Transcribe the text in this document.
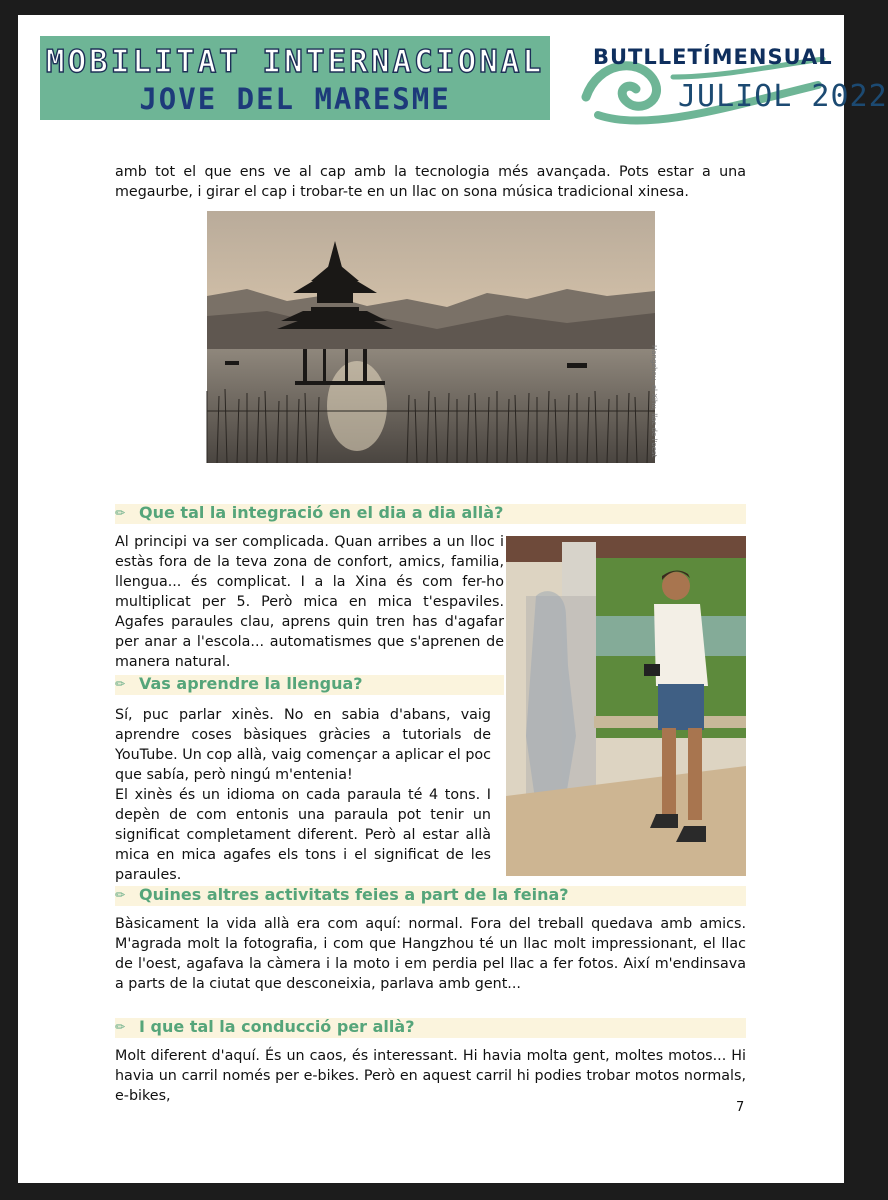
MOBILITAT INTERNACIONAL
JOVE DEL MARESME
BUTLLETÍMENSUAL
JULIOL 2022

amb tot el que ens ve al cap amb la tecnologia més avançada. Pots estar a una megaurbe, i girar el cap i trobar-te en un llac on sona música tradicional xinesa.

Hangzhou, el Xihu, llac de l'oest
✏ Que tal la integració en el dia a dia allà?

Al principi va ser complicada. Quan arribes a un lloc i estàs fora de la teva zona de confort, amics, familia, llengua... és complicat. I a la Xina és com fer-ho multiplicat per 5. Però mica en mica t'espaviles. Agafes paraules clau, aprens quin tren has d'agafar per anar a l'escola... automatismes que s'aprenen de manera natural.

✏ Vas aprendre la llengua?

Sí, puc parlar xinès. No en sabia d'abans, vaig aprendre coses bàsiques gràcies a tutorials de YouTube. Un cop allà, vaig començar a aplicar el poc que sabía, però ningú m'entenia!

El xinès és un idioma on cada paraula té 4 tons. I depèn de com entonis una paraula pot tenir un significat completament diferent. Però al estar allà mica en mica agafes els tons i el significat de les paraules.

✏ Quines altres activitats feies a part de la feina?

Bàsicament la vida allà era com aquí: normal. Fora del treball quedava amb amics. M'agrada molt la fotografia, i com que Hangzhou té un llac molt impressionant, el llac de l'oest, agafava la càmera i la moto i em perdia pel llac a fer fotos. Així m'endinsava a parts de la ciutat que desconeixia, parlava amb gent...

✏ I que tal la conducció per allà?

Molt diferent d'aquí. És un caos, és interessant. Hi havia molta gent, moltes motos... Hi havia un carril només per e-bikes. Però en aquest carril hi podies trobar motos normals, e-bikes,

7
